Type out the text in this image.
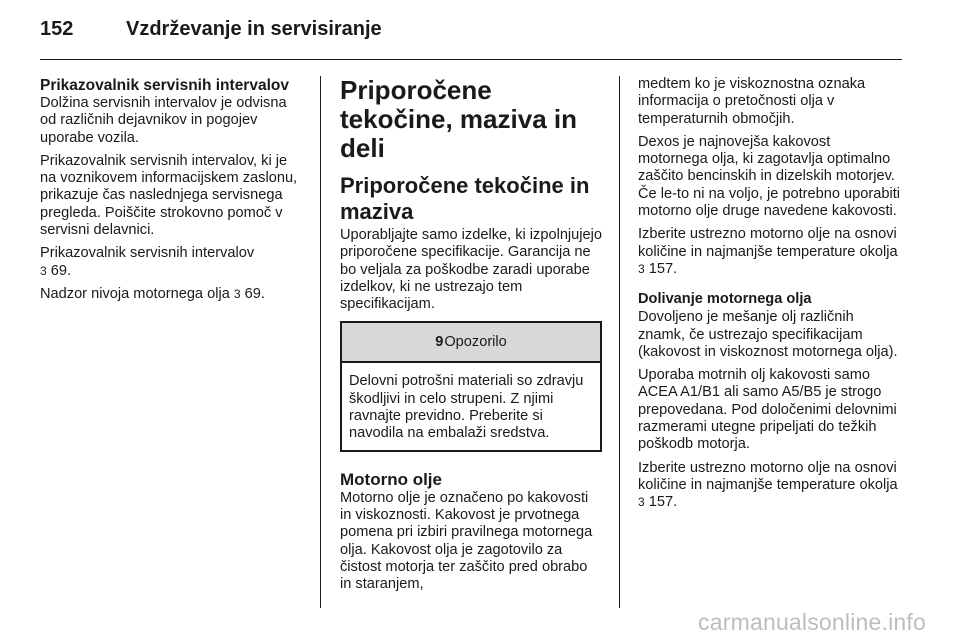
152	Vzdrževanje in servisiranje
Prikazovalnik servisnih intervalov

Dolžina servisnih intervalov je odvisna od različnih dejavnikov in pogojev uporabe vozila.

Prikazovalnik servisnih intervalov, ki je na voznikovem informacijskem zaslonu, prikazuje čas naslednjega servisnega pregleda. Poiščite strokovno pomoč v servisni delavnici.

Prikazovalnik servisnih intervalov
3 69.

Nadzor nivoja motornega olja 3 69.

Priporočene tekočine, maziva in deli
Priporočene tekočine in maziva

Uporabljajte samo izdelke, ki izpolnjujejo priporočene specifikacije. Garancija ne bo veljala za poškodbe zaradi uporabe izdelkov, ki ne ustrezajo tem specifikacijam.

9 Opozorilo

Delovni potrošni materiali so zdravju škodljivi in celo strupeni. Z njimi ravnajte previdno. Preberite si navodila na embalaži sredstva.

Motorno olje

Motorno olje je označeno po kakovosti in viskoznosti. Kakovost je prvotnega pomena pri izbiri pravilnega motornega olja. Kakovost olja je zagotovilo za čistost motorja ter zaščito pred obrabo in staranjem,

medtem ko je viskoznostna oznaka informacija o pretočnosti olja v temperaturnih območjih.

Dexos je najnovejša kakovost motornega olja, ki zagotavlja optimalno zaščito bencinskih in dizelskih motorjev. Če le-to ni na voljo, je potrebno uporabiti motorno olje druge navedene kakovosti.

Izberite ustrezno motorno olje na osnovi količine in najmanjše temperature okolja 3 157.

Dolivanje motornega olja

Dovoljeno je mešanje olj različnih znamk, če ustrezajo specifikacijam (kakovost in viskoznost motornega olja).

Uporaba motrnih olj kakovosti samo ACEA A1/B1 ali samo A5/B5 je strogo prepovedana. Pod določenimi delovnimi razmerami utegne pripeljati do težkih poškodb motorja.

Izberite ustrezno motorno olje na osnovi količine in najmanjše temperature okolja 3 157.

carmanualsonline.info
